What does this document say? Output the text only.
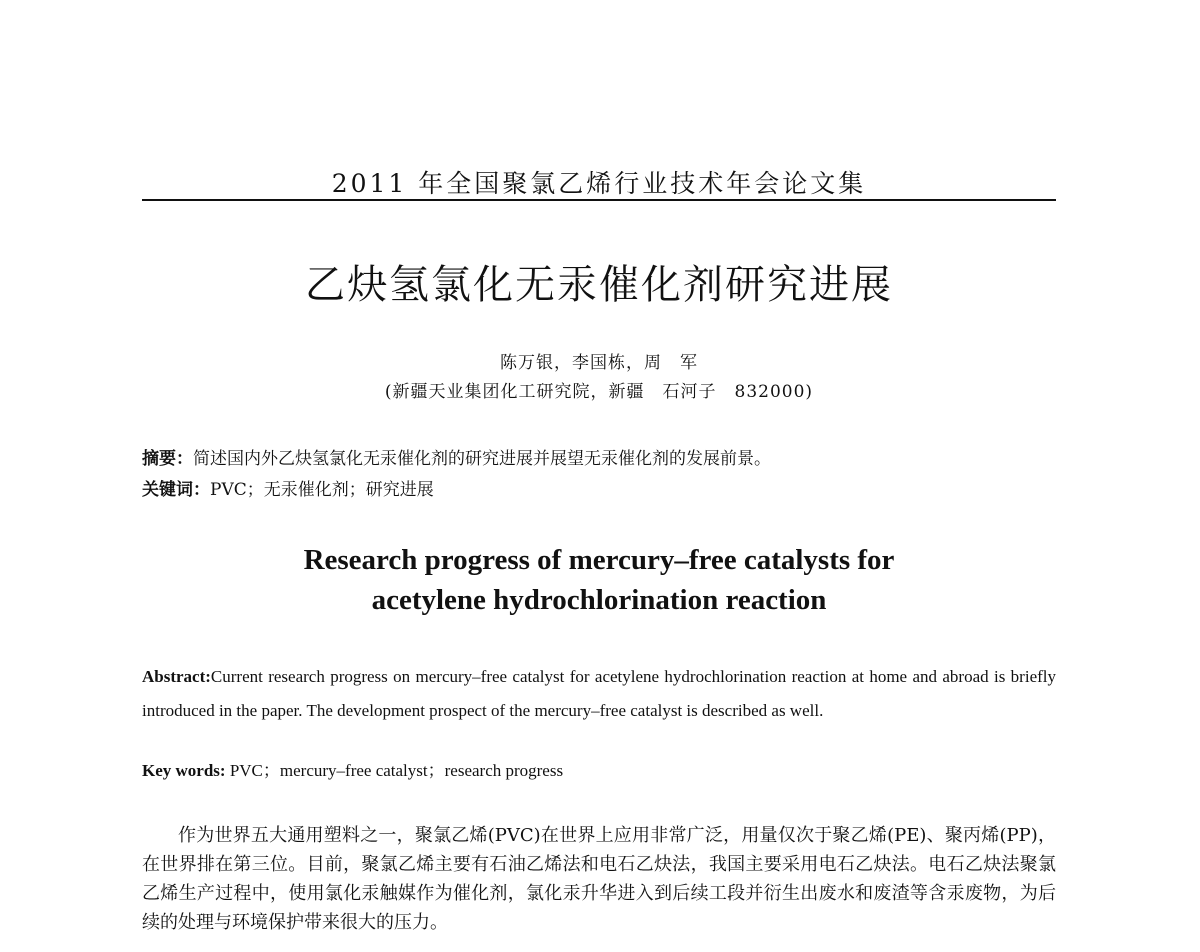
2011 年全国聚氯乙烯行业技术年会论文集
乙炔氢氯化无汞催化剂研究进展
陈万银，李国栋，周　军
(新疆天业集团化工研究院，新疆　石河子　832000)
摘要：简述国内外乙炔氢氯化无汞催化剂的研究进展并展望无汞催化剂的发展前景。
关键词：PVC；无汞催化剂；研究进展
Research progress of mercury–free catalysts for
acetylene hydrochlorination reaction
Abstract:Current research progress on mercury–free catalyst for acetylene hydrochlorination reaction at home and abroad is briefly introduced in the paper. The development prospect of the mercury–free catalyst is described as well.
Key words: PVC；mercury–free catalyst；research progress
作为世界五大通用塑料之一，聚氯乙烯(PVC)在世界上应用非常广泛，用量仅次于聚乙烯(PE)、聚丙烯(PP)，在世界排在第三位。目前，聚氯乙烯主要有石油乙烯法和电石乙炔法，我国主要采用电石乙炔法。电石乙炔法聚氯乙烯生产过程中，使用氯化汞触媒作为催化剂，氯化汞升华进入到后续工段并衍生出废水和废渣等含汞废物，为后续的处理与环境保护带来很大的压力。
